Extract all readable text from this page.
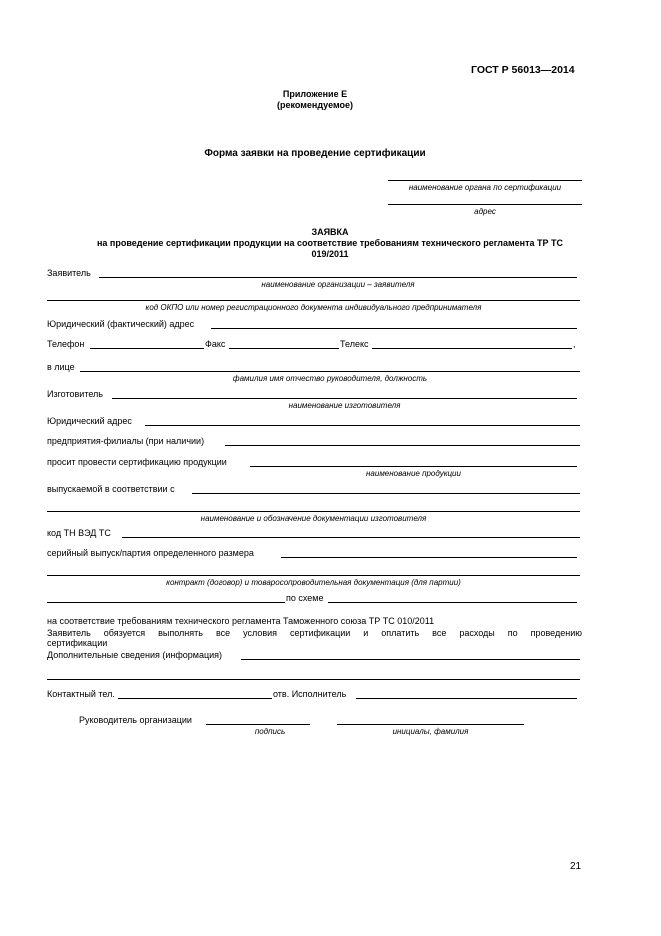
ГОСТ Р 56013—2014
Приложение Е
(рекомендуемое)
Форма заявки на проведение сертификации
наименование органа по сертификации
адрес
ЗАЯВКА
на проведение сертификации продукции на соответствие требованиям технического регламента ТР ТС
019/2011
Заявитель
наименование организации – заявителя
код ОКПО или номер регистрационного документа индивидуального предпринимателя
Юридический (фактический) адрес
Телефон	Факс	Телекс	,
в лице
фамилия имя отчество руководителя, должность
Изготовитель
наименование изготовителя
Юридический адрес
предприятия-филиалы (при наличии)
просит провести сертификацию продукции
наименование продукции
выпускаемой в соответствии с
наименование и обозначение документации изготовителя
код ТН ВЭД ТС
серийный выпуск/партия определенного размера
контракт (договор) и товаросопроводительная документация (для партии)
по схеме
на соответствие требованиям технического регламента Таможенного союза ТР ТС 010/2011
Заявитель обязуется выполнять все условия сертификации и оплатить все расходы по проведению
сертификации
Дополнительные сведения (информация)
Контактный тел.	отв. Исполнитель
Руководитель организации
подпись	инициалы, фамилия
21
